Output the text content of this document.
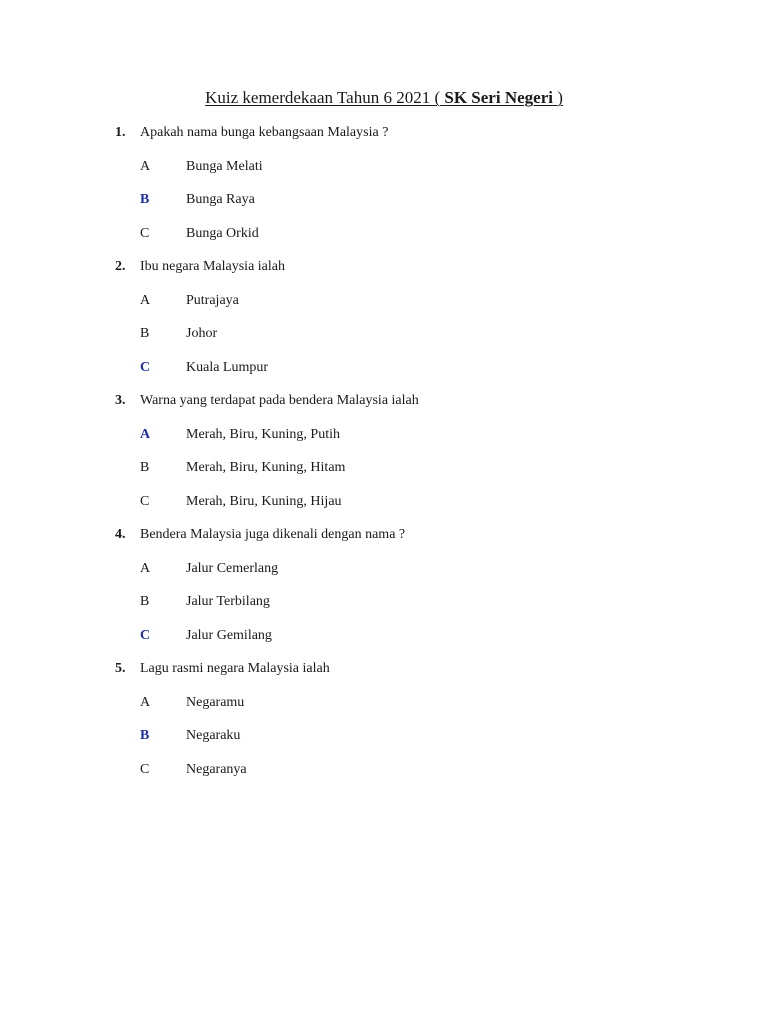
Kuiz kemerdekaan Tahun 6 2021 ( SK Seri Negeri )
1. Apakah nama bunga kebangsaan Malaysia ?
A	Bunga Melati
B	Bunga Raya
C	Bunga Orkid
2. Ibu negara Malaysia ialah
A	Putrajaya
B	Johor
C	Kuala Lumpur
3. Warna yang terdapat pada bendera Malaysia ialah
A	Merah, Biru, Kuning, Putih
B	Merah, Biru, Kuning, Hitam
C	Merah, Biru, Kuning, Hijau
4. Bendera Malaysia juga dikenali dengan nama ?
A	Jalur Cemerlang
B	Jalur Terbilang
C	Jalur Gemilang
5. Lagu rasmi negara Malaysia ialah
A	Negaramu
B	Negaraku
C	Negaranya
